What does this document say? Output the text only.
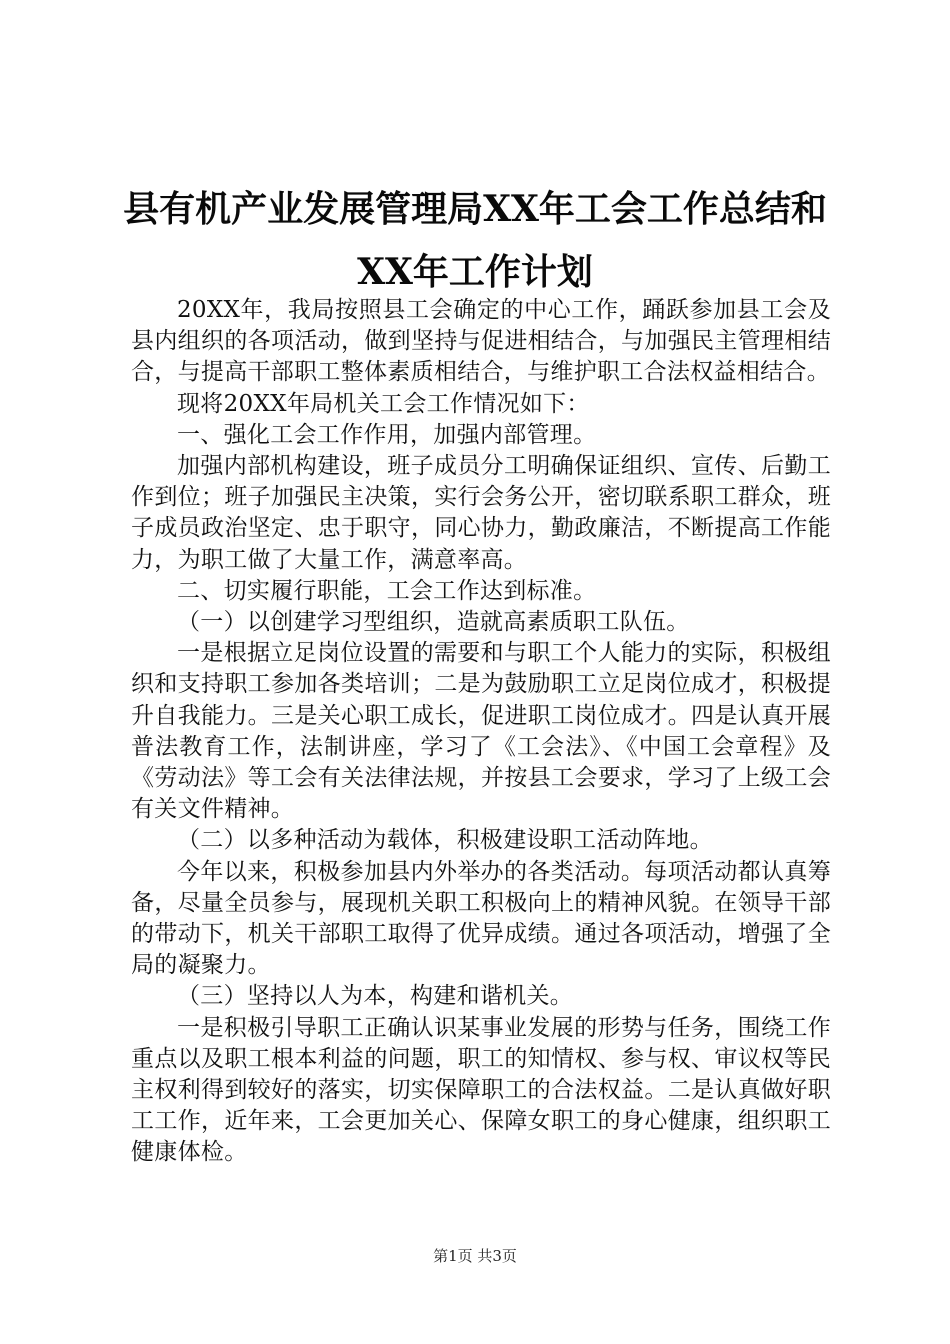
县有机产业发展管理局XX年工会工作总结和
XX年工作计划

20XX年，我局按照县工会确定的中心工作，踊跃参加县工会及县内组织的各项活动，做到坚持与促进相结合，与加强民主管理相结合，与提高干部职工整体素质相结合，与维护职工合法权益相结合。

现将20XX年局机关工会工作情况如下：

一、强化工会工作作用，加强内部管理。

加强内部机构建设，班子成员分工明确保证组织、宣传、后勤工作到位；班子加强民主决策，实行会务公开，密切联系职工群众，班子成员政治坚定、忠于职守，同心协力，勤政廉洁，不断提高工作能力，为职工做了大量工作，满意率高。

二、切实履行职能，工会工作达到标准。

（一）以创建学习型组织，造就高素质职工队伍。

一是根据立足岗位设置的需要和与职工个人能力的实际，积极组织和支持职工参加各类培训；二是为鼓励职工立足岗位成才，积极提升自我能力。三是关心职工成长，促进职工岗位成才。四是认真开展普法教育工作，法制讲座，学习了《工会法》、《中国工会章程》及《劳动法》等工会有关法律法规，并按县工会要求，学习了上级工会有关文件精神。

（二）以多种活动为载体，积极建设职工活动阵地。

今年以来，积极参加县内外举办的各类活动。每项活动都认真筹备，尽量全员参与，展现机关职工积极向上的精神风貌。在领导干部的带动下，机关干部职工取得了优异成绩。通过各项活动，增强了全局的凝聚力。

（三）坚持以人为本，构建和谐机关。

一是积极引导职工正确认识某事业发展的形势与任务，围绕工作重点以及职工根本利益的问题，职工的知情权、参与权、审议权等民主权利得到较好的落实，切实保障职工的合法权益。二是认真做好职工工作，近年来，工会更加关心、保障女职工的身心健康，组织职工健康体检。

第1页 共3页
